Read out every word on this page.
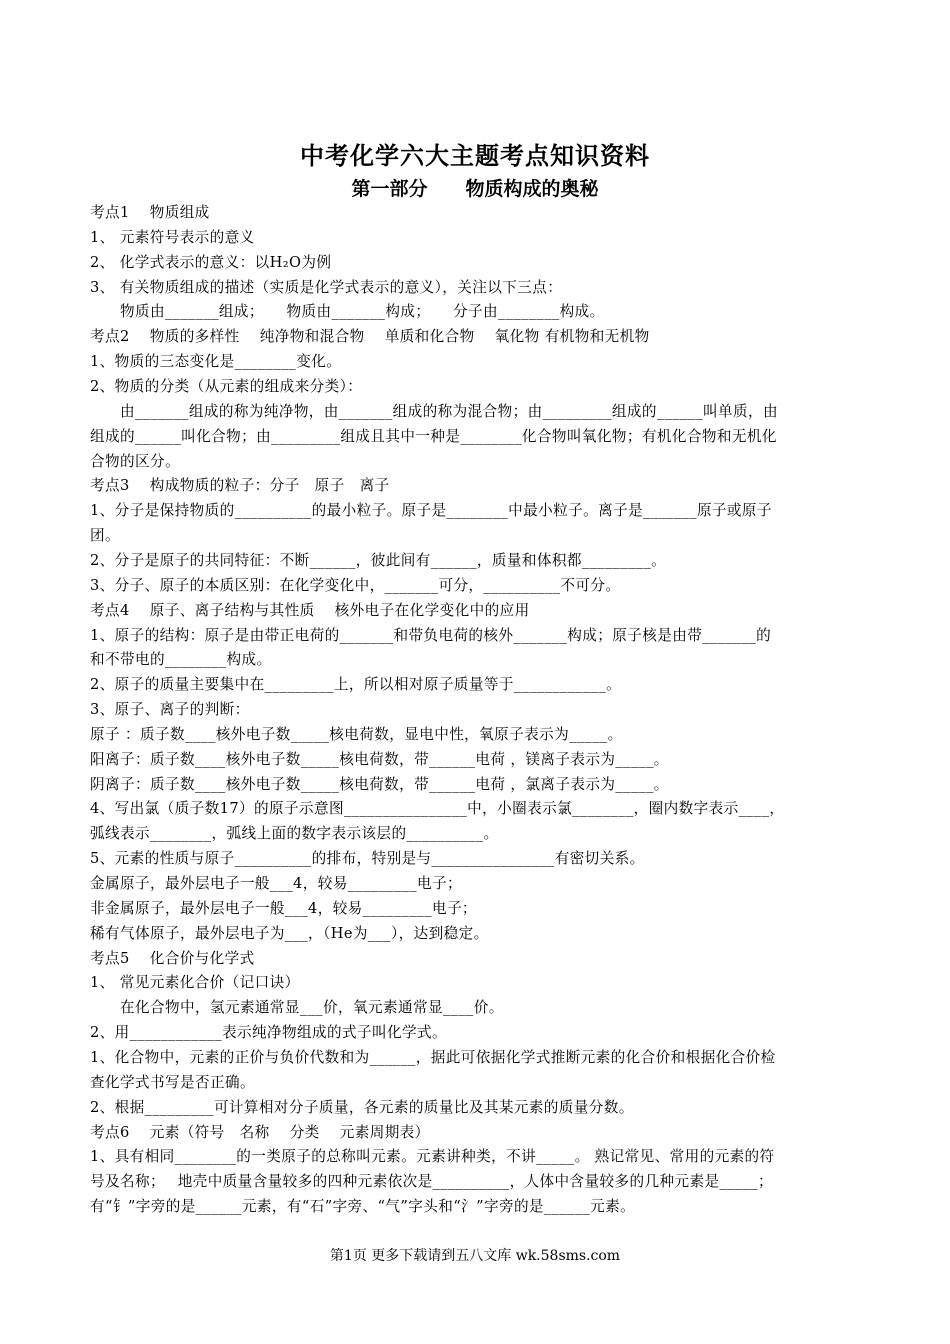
中考化学六大主题考点知识资料
第一部分　　物质构成的奥秘
考点1　 物质组成
1、 元素符号表示的意义
2、 化学式表示的意义：以H₂O为例
3、 有关物质组成的描述（实质是化学式表示的意义），关注以下三点：
　　物质由_______组成；　　物质由_______构成；　　分子由________构成。
考点2　 物质的多样性　 纯净物和混合物　 单质和化合物　 氧化物 有机物和无机物
1、物质的三态变化是________变化。
2、物质的分类（从元素的组成来分类）：
　　由_______组成的称为纯净物，由_______组成的称为混合物；由_________组成的______叫单质，由
组成的______叫化合物；由_________组成且其中一种是________化合物叫氧化物；有机化合物和无机化
合物的区分。
考点3　 构成物质的粒子：分子　原子　离子
1、分子是保持物质的__________的最小粒子。原子是________中最小粒子。离子是_______原子或原子
团。
2、分子是原子的共同特征：不断______，彼此间有______，质量和体积都_________。
3、分子、原子的本质区别：在化学变化中，_______可分，__________不可分。
考点4　 原子、离子结构与其性质　 核外电子在化学变化中的应用
1、原子的结构：原子是由带正电荷的_______和带负电荷的核外_______构成；原子核是由带_______的
和不带电的________构成。
2、原子的质量主要集中在_________上，所以相对原子质量等于____________。
3、原子、离子的判断：
原子 ：质子数____核外电子数_____核电荷数，显电中性，氧原子表示为_____。
阳离子：质子数____核外电子数_____核电荷数，带______电荷 ，镁离子表示为_____。
阴离子：质子数____核外电子数_____核电荷数，带______电荷 ，氯离子表示为_____。
4、写出氯（质子数17）的原子示意图________________中，小圈表示氯________，圈内数字表示____，
弧线表示________，弧线上面的数字表示该层的__________。
5、元素的性质与原子__________的排布，特别是与________________有密切关系。
金属原子，最外层电子一般___4，较易_________电子；
非金属原子，最外层电子一般___4，较易_________电子；
稀有气体原子，最外层电子为___，（He为___），达到稳定。
考点5　 化合价与化学式
1、 常见元素化合价（记口诀）
　　在化合物中，氢元素通常显___价，氧元素通常显____价。
2、用____________表示纯净物组成的式子叫化学式。
1、化合物中，元素的正价与负价代数和为______，据此可依据化学式推断元素的化合价和根据化合价检
查化学式书写是否正确。
2、根据_________可计算相对分子质量，各元素的质量比及其某元素的质量分数。
考点6　 元素（符号　名称　 分类　 元素周期表）
1、具有相同________的一类原子的总称叫元素。元素讲种类，不讲_____。 熟记常见、常用的元素的符
号及名称；　 地壳中质量含量较多的四种元素依次是__________，人体中含量较多的几种元素是_____；
有“钅”字旁的是______元素，有“石”字旁、“气”字头和“氵”字旁的是______元素。
第1页 更多下载请到五八文库 wk.58sms.com
